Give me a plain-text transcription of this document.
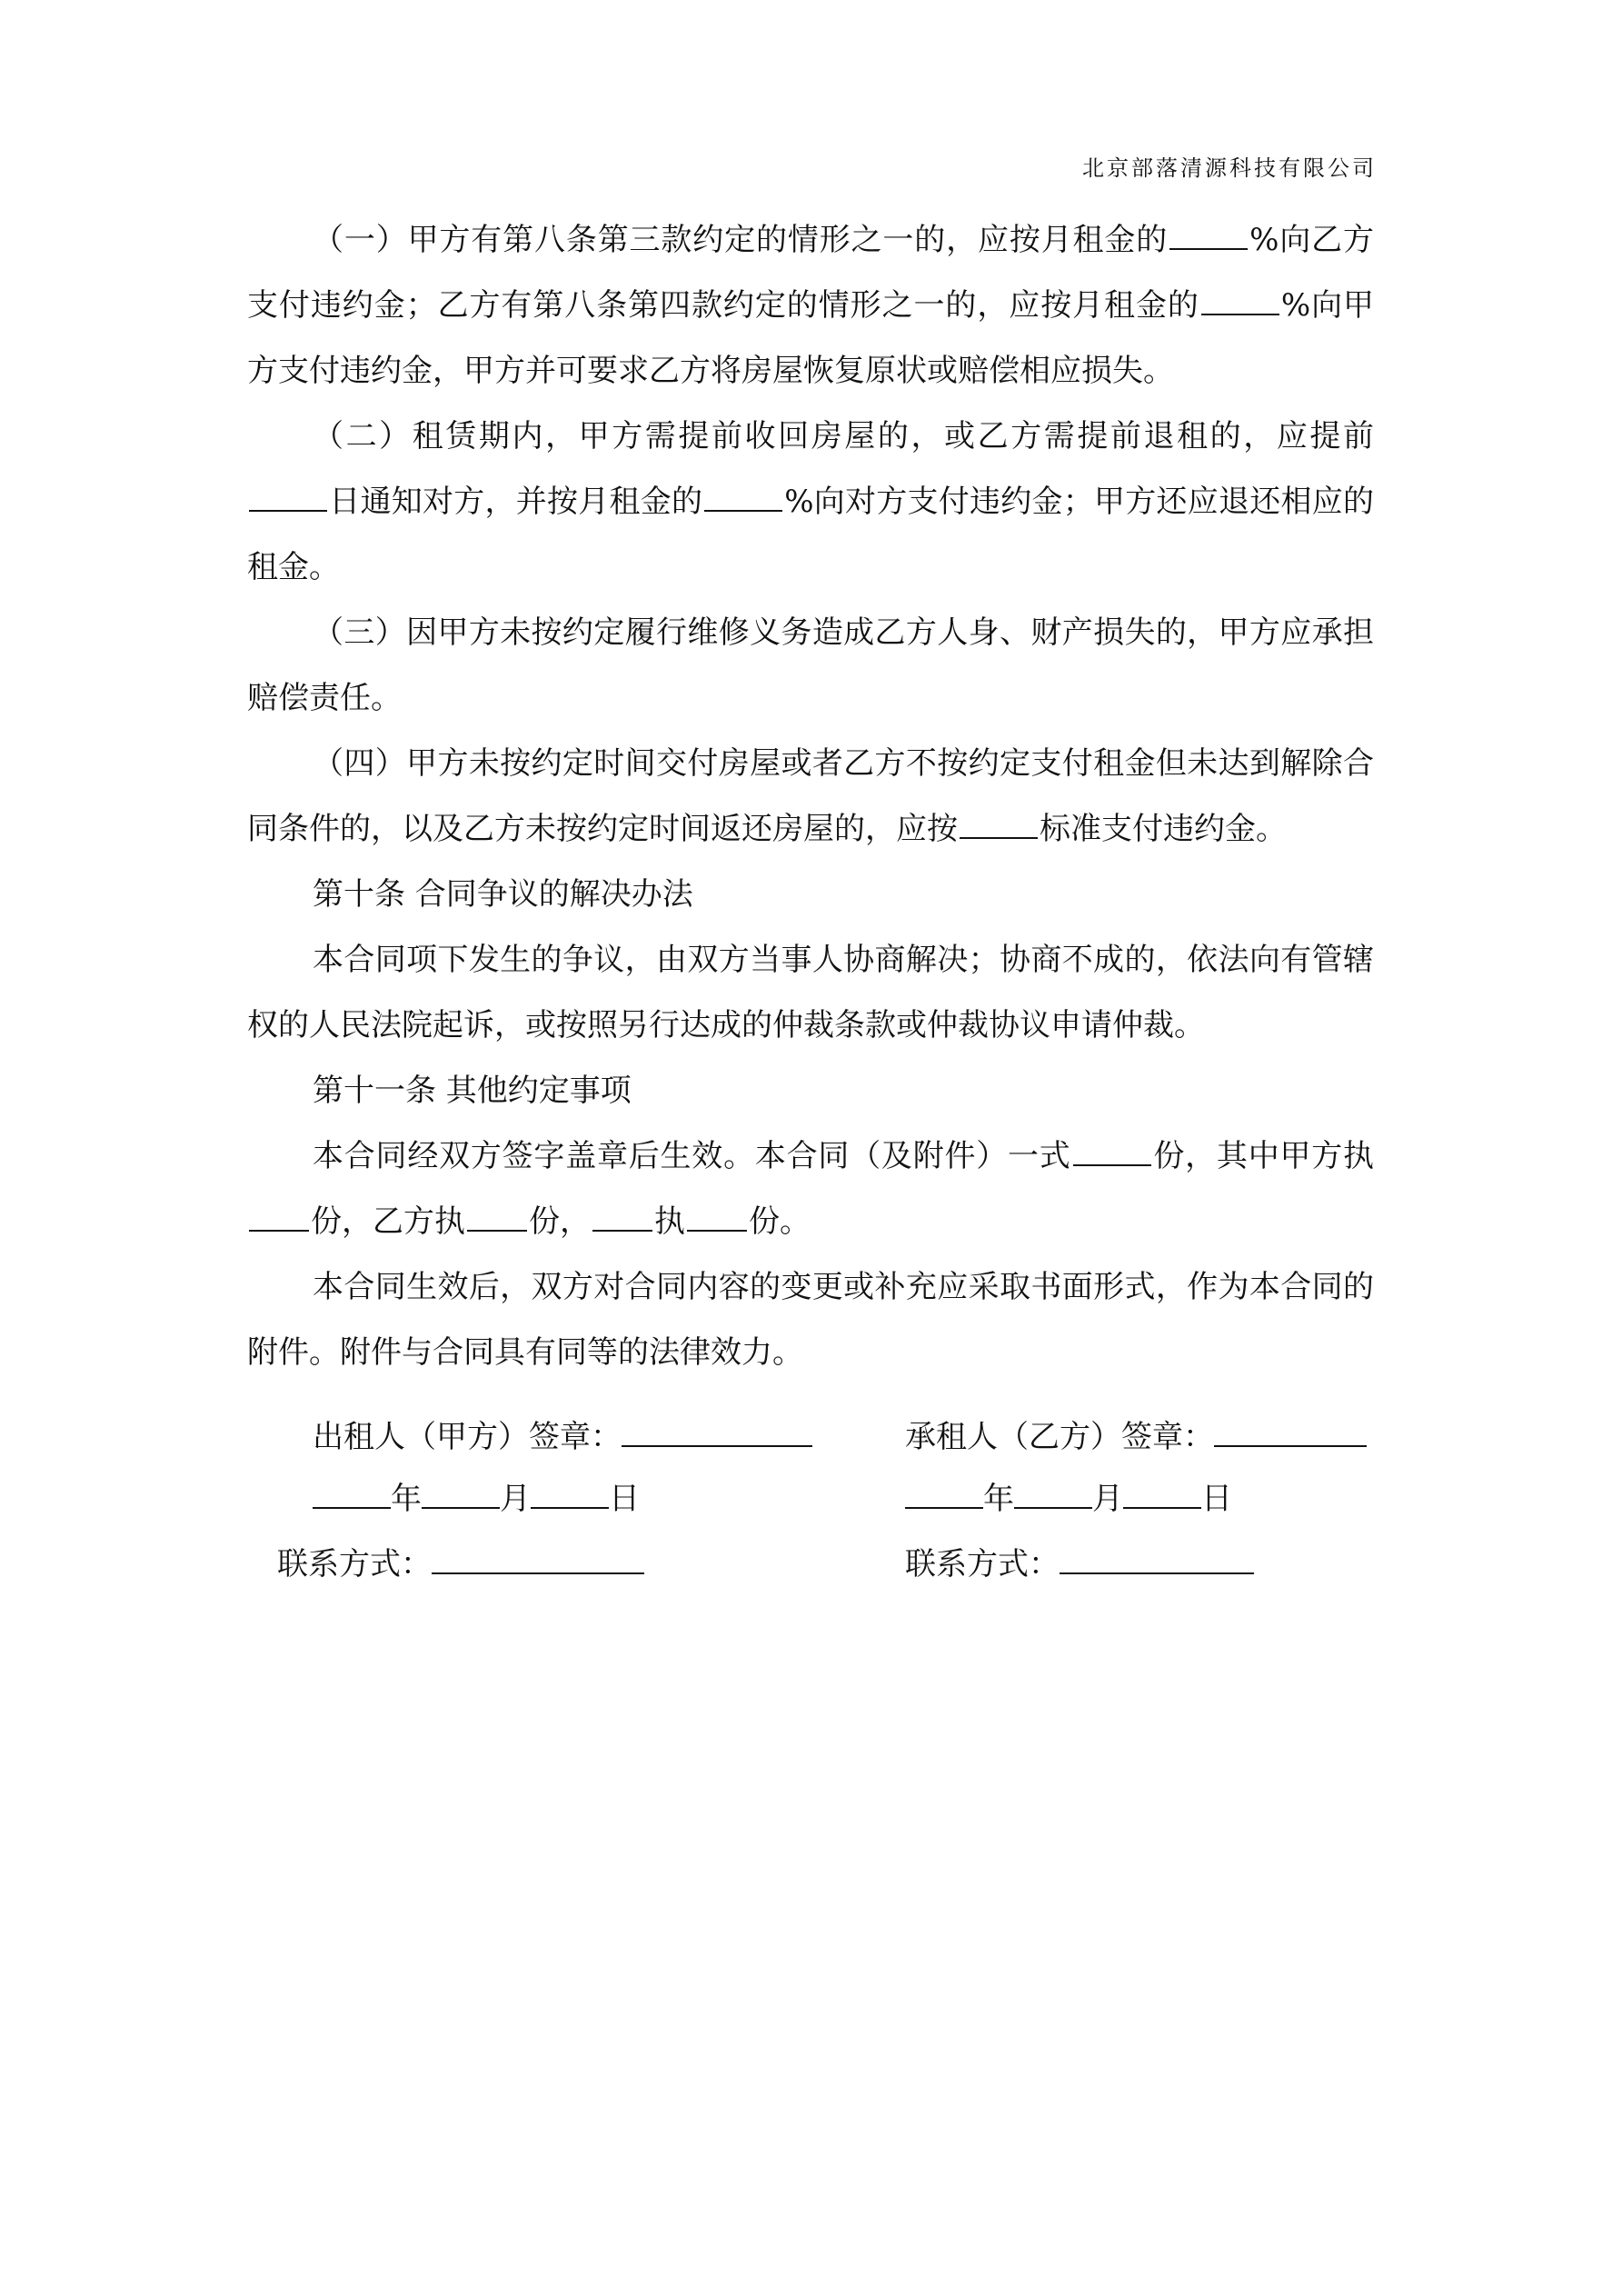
北京部落清源科技有限公司

（一）甲方有第八条第三款约定的情形之一的，应按月租金的	%向乙方支付违约金；乙方有第八条第四款约定的情形之一的，应按月租金的	%向甲方支付违约金，甲方并可要求乙方将房屋恢复原状或赔偿相应损失。

（二）租赁期内，甲方需提前收回房屋的，或乙方需提前退租的，应提前日通知对方，并按月租金的	%向对方支付违约金；甲方还应退还相应的租金。

（三）因甲方未按约定履行维修义务造成乙方人身、财产损失的，甲方应承担赔偿责任。

（四）甲方未按约定时间交付房屋或者乙方不按约定支付租金但未达到解除合同条件的，以及乙方未按约定时间返还房屋的，应按	标准支付违约金。

第十条 合同争议的解决办法

本合同项下发生的争议，由双方当事人协商解决；协商不成的，依法向有管辖权的人民法院起诉，或按照另行达成的仲裁条款或仲裁协议申请仲裁。

第十一条 其他约定事项

本合同经双方签字盖章后生效。本合同（及附件）一式	份，其中甲方执份，乙方执 份， 执 份。

本合同生效后，双方对合同内容的变更或补充应采取书面形式，作为本合同的附件。附件与合同具有同等的法律效力。

出租人（甲方）签章：
年	月	日
联系方式：
承租人（乙方）签章：
年	月	日
联系方式：
